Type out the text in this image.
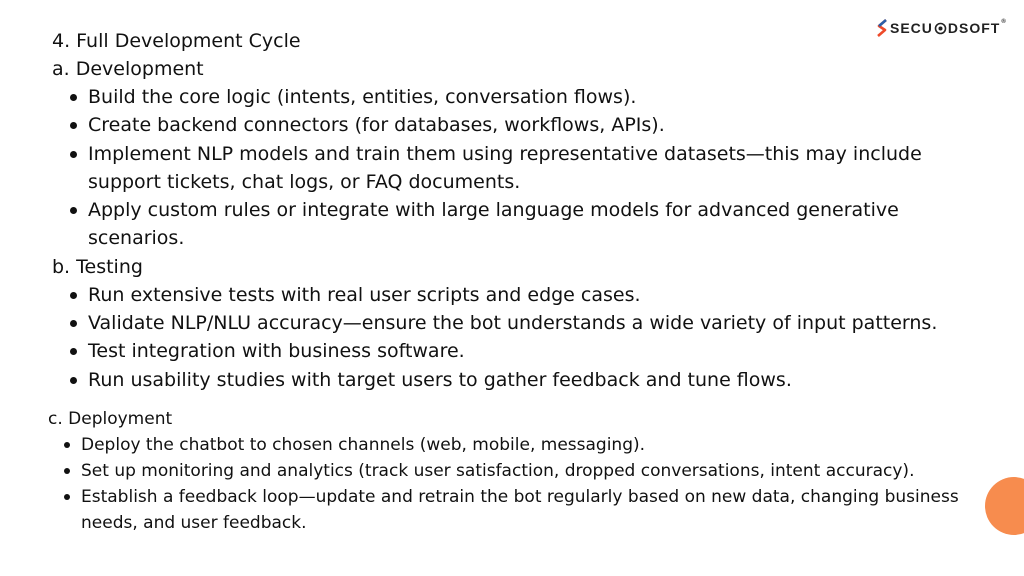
SECU DSOFT ®
4. Full Development Cycle
a. Development
Build the core logic (intents, entities, conversation flows).
Create backend connectors (for databases, workflows, APIs).
Implement NLP models and train them using representative datasets—this may include support tickets, chat logs, or FAQ documents.
Apply custom rules or integrate with large language models for advanced generative scenarios.
b. Testing
Run extensive tests with real user scripts and edge cases.
Validate NLP/NLU accuracy—ensure the bot understands a wide variety of input patterns.
Test integration with business software.
Run usability studies with target users to gather feedback and tune flows.
c. Deployment
Deploy the chatbot to chosen channels (web, mobile, messaging).
Set up monitoring and analytics (track user satisfaction, dropped conversations, intent accuracy).
Establish a feedback loop—update and retrain the bot regularly based on new data, changing business needs, and user feedback.
